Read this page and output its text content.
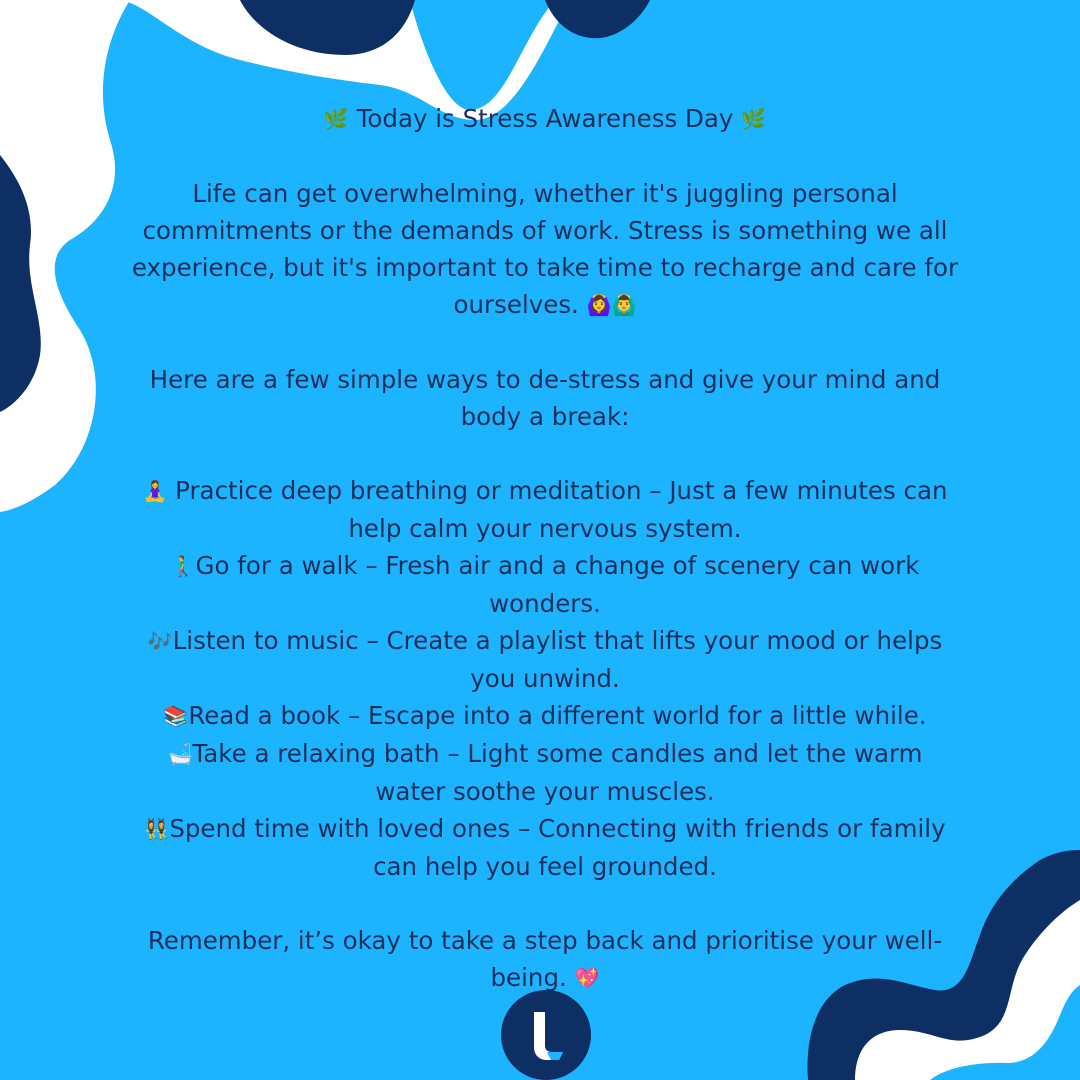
🌿 Today is Stress Awareness Day 🌿
Life can get overwhelming, whether it's juggling personal
commitments or the demands of work. Stress is something we all
experience, but it's important to take time to recharge and care for
ourselves. 🙆‍♀️🙆‍♂️
Here are a few simple ways to de-stress and give your mind and
body a break:
🧘‍♀️ Practice deep breathing or meditation – Just a few minutes can
help calm your nervous system.
🚶‍♂️Go for a walk – Fresh air and a change of scenery can work
wonders.
🎶Listen to music – Create a playlist that lifts your mood or helps
you unwind.
📚Read a book – Escape into a different world for a little while.
🛁Take a relaxing bath – Light some candles and let the warm
water soothe your muscles.
👯‍♀️Spend time with loved ones – Connecting with friends or family
can help you feel grounded.
Remember, it’s okay to take a step back and prioritise your well-
being. 💖
